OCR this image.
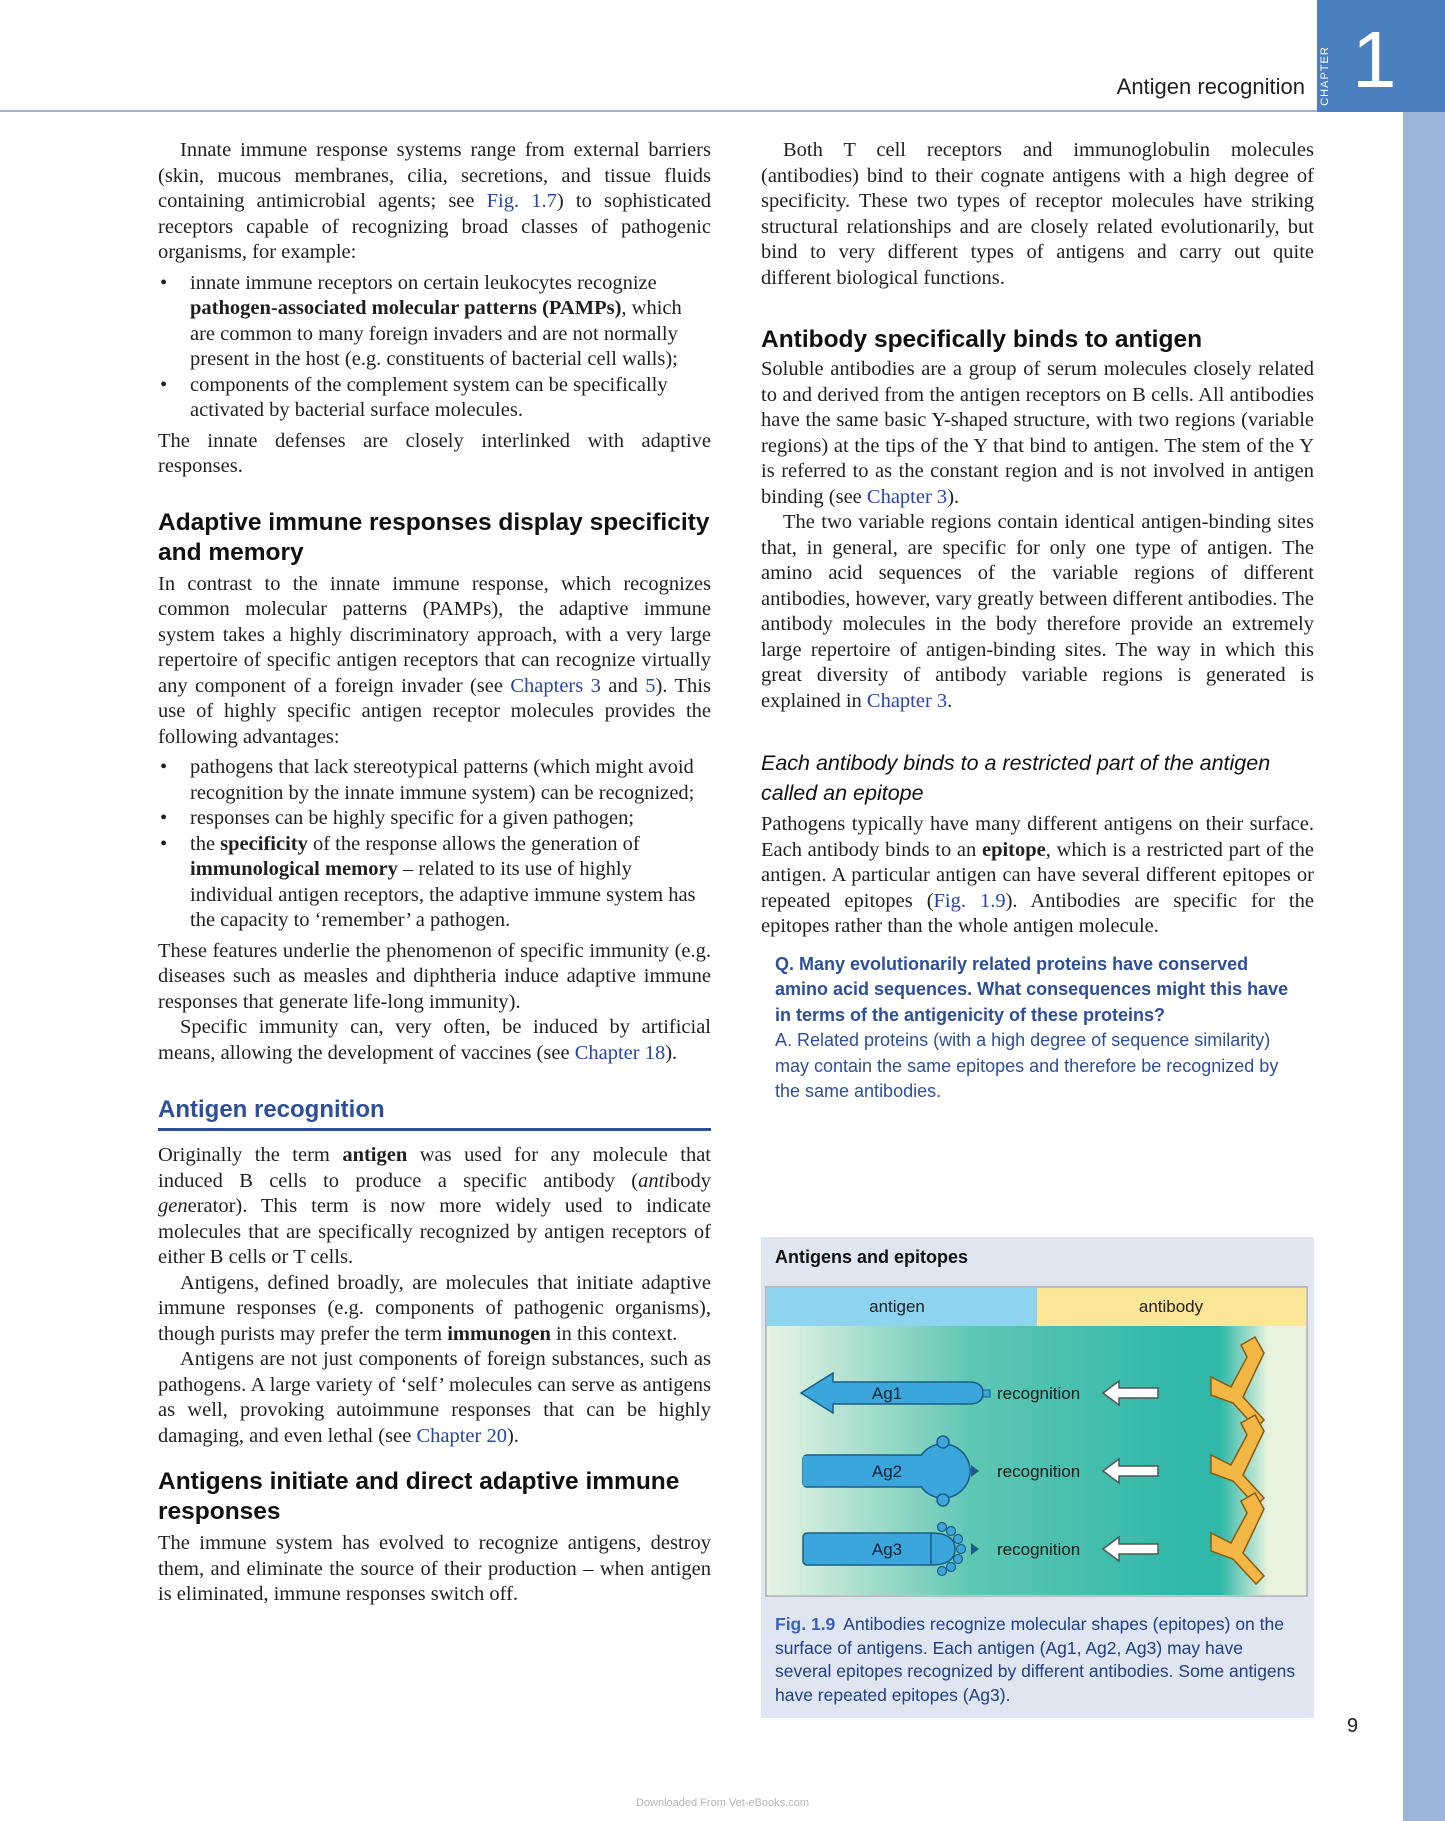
CHAPTER 1
Antigen recognition

Innate immune response systems range from external barriers (skin, mucous membranes, cilia, secretions, and tissue fluids containing antimicrobial agents; see Fig. 1.7) to sophisticated receptors capable of recognizing broad classes of pathogenic organisms, for example:

• innate immune receptors on certain leukocytes recognize pathogen-associated molecular patterns (PAMPs), which are common to many foreign invaders and are not normally present in the host (e.g. constituents of bacterial cell walls);
• components of the complement system can be specifically activated by bacterial surface molecules.

The innate defenses are closely interlinked with adaptive responses.

Adaptive immune responses display specificity and memory

In contrast to the innate immune response, which recognizes common molecular patterns (PAMPs), the adaptive immune system takes a highly discriminatory approach, with a very large repertoire of specific antigen receptors that can recognize virtually any component of a foreign invader (see Chapters 3 and 5). This use of highly specific antigen receptor molecules provides the following advantages:

• pathogens that lack stereotypical patterns (which might avoid recognition by the innate immune system) can be recognized;
• responses can be highly specific for a given pathogen;
• the specificity of the response allows the generation of immunological memory – related to its use of highly individual antigen receptors, the adaptive immune system has the capacity to ‘remember’ a pathogen.

These features underlie the phenomenon of specific immunity (e.g. diseases such as measles and diphtheria induce adaptive immune responses that generate life-long immunity).

Specific immunity can, very often, be induced by artificial means, allowing the development of vaccines (see Chapter 18).

Antigen recognition

Originally the term antigen was used for any molecule that induced B cells to produce a specific antibody (antibody generator). This term is now more widely used to indicate molecules that are specifically recognized by antigen receptors of either B cells or T cells.

Antigens, defined broadly, are molecules that initiate adaptive immune responses (e.g. components of pathogenic organisms), though purists may prefer the term immunogen in this context.

Antigens are not just components of foreign substances, such as pathogens. A large variety of ‘self’ molecules can serve as antigens as well, provoking autoimmune responses that can be highly damaging, and even lethal (see Chapter 20).

Antigens initiate and direct adaptive immune responses

The immune system has evolved to recognize antigens, destroy them, and eliminate the source of their production – when antigen is eliminated, immune responses switch off.

Both T cell receptors and immunoglobulin molecules (antibodies) bind to their cognate antigens with a high degree of specificity. These two types of receptor molecules have striking structural relationships and are closely related evolutionarily, but bind to very different types of antigens and carry out quite different biological functions.

Antibody specifically binds to antigen

Soluble antibodies are a group of serum molecules closely related to and derived from the antigen receptors on B cells. All antibodies have the same basic Y-shaped structure, with two regions (variable regions) at the tips of the Y that bind to antigen. The stem of the Y is referred to as the constant region and is not involved in antigen binding (see Chapter 3).

The two variable regions contain identical antigen-binding sites that, in general, are specific for only one type of antigen. The amino acid sequences of the variable regions of different antibodies, however, vary greatly between different antibodies. The antibody molecules in the body therefore provide an extremely large repertoire of antigen-binding sites. The way in which this great diversity of antibody variable regions is generated is explained in Chapter 3.

Each antibody binds to a restricted part of the antigen called an epitope

Pathogens typically have many different antigens on their surface. Each antibody binds to an epitope, which is a restricted part of the antigen. A particular antigen can have several different epitopes or repeated epitopes (Fig. 1.9). Antibodies are specific for the epitopes rather than the whole antigen molecule.

Q. Many evolutionarily related proteins have conserved amino acid sequences. What consequences might this have in terms of the antigenicity of these proteins?
A. Related proteins (with a high degree of sequence similarity) may contain the same epitopes and therefore be recognized by the same antibodies.
Antigens and epitopes
antigen	antibody
Ag1	recognition
Ag2	recognition
Ag3	recognition
Fig. 1.9 Antibodies recognize molecular shapes (epitopes) on the surface of antigens. Each antigen (Ag1, Ag2, Ag3) may have several epitopes recognized by different antibodies. Some antigens have repeated epitopes (Ag3).
9
Downloaded From Vet-eBooks.com
